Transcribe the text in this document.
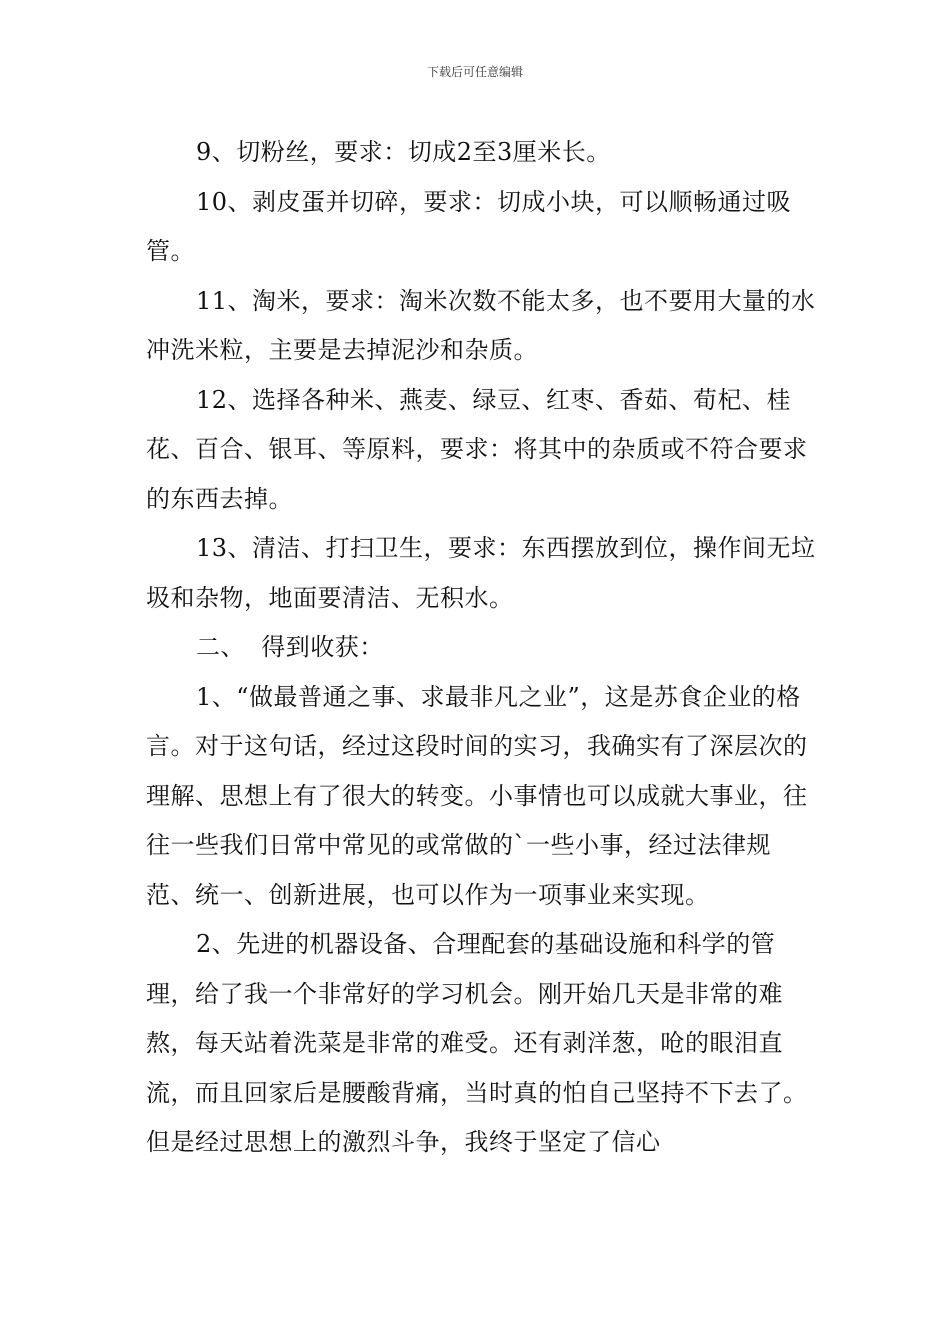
下载后可任意编辑

9、切粉丝，要求：切成2至3厘米长。

10、剥皮蛋并切碎，要求：切成小块，可以顺畅通过吸管。

11、淘米，要求：淘米次数不能太多，也不要用大量的水冲洗米粒，主要是去掉泥沙和杂质。

12、选择各种米、燕麦、绿豆、红枣、香茹、荀杞、桂花、百合、银耳、等原料，要求：将其中的杂质或不符合要求的东西去掉。

13、清洁、打扫卫生，要求：东西摆放到位，操作间无垃圾和杂物，地面要清洁、无积水。

二、  得到收获：

1、“做最普通之事、求最非凡之业”，这是苏食企业的格言。对于这句话，经过这段时间的实习，我确实有了深层次的理解、思想上有了很大的转变。小事情也可以成就大事业，往往一些我们日常中常见的或常做的`一些小事，经过法律规范、统一、创新进展，也可以作为一项事业来实现。

2、先进的机器设备、合理配套的基础设施和科学的管理，给了我一个非常好的学习机会。刚开始几天是非常的难熬，每天站着洗菜是非常的难受。还有剥洋葱，呛的眼泪直流，而且回家后是腰酸背痛，当时真的怕自己坚持不下去了。但是经过思想上的激烈斗争，我终于坚定了信心
